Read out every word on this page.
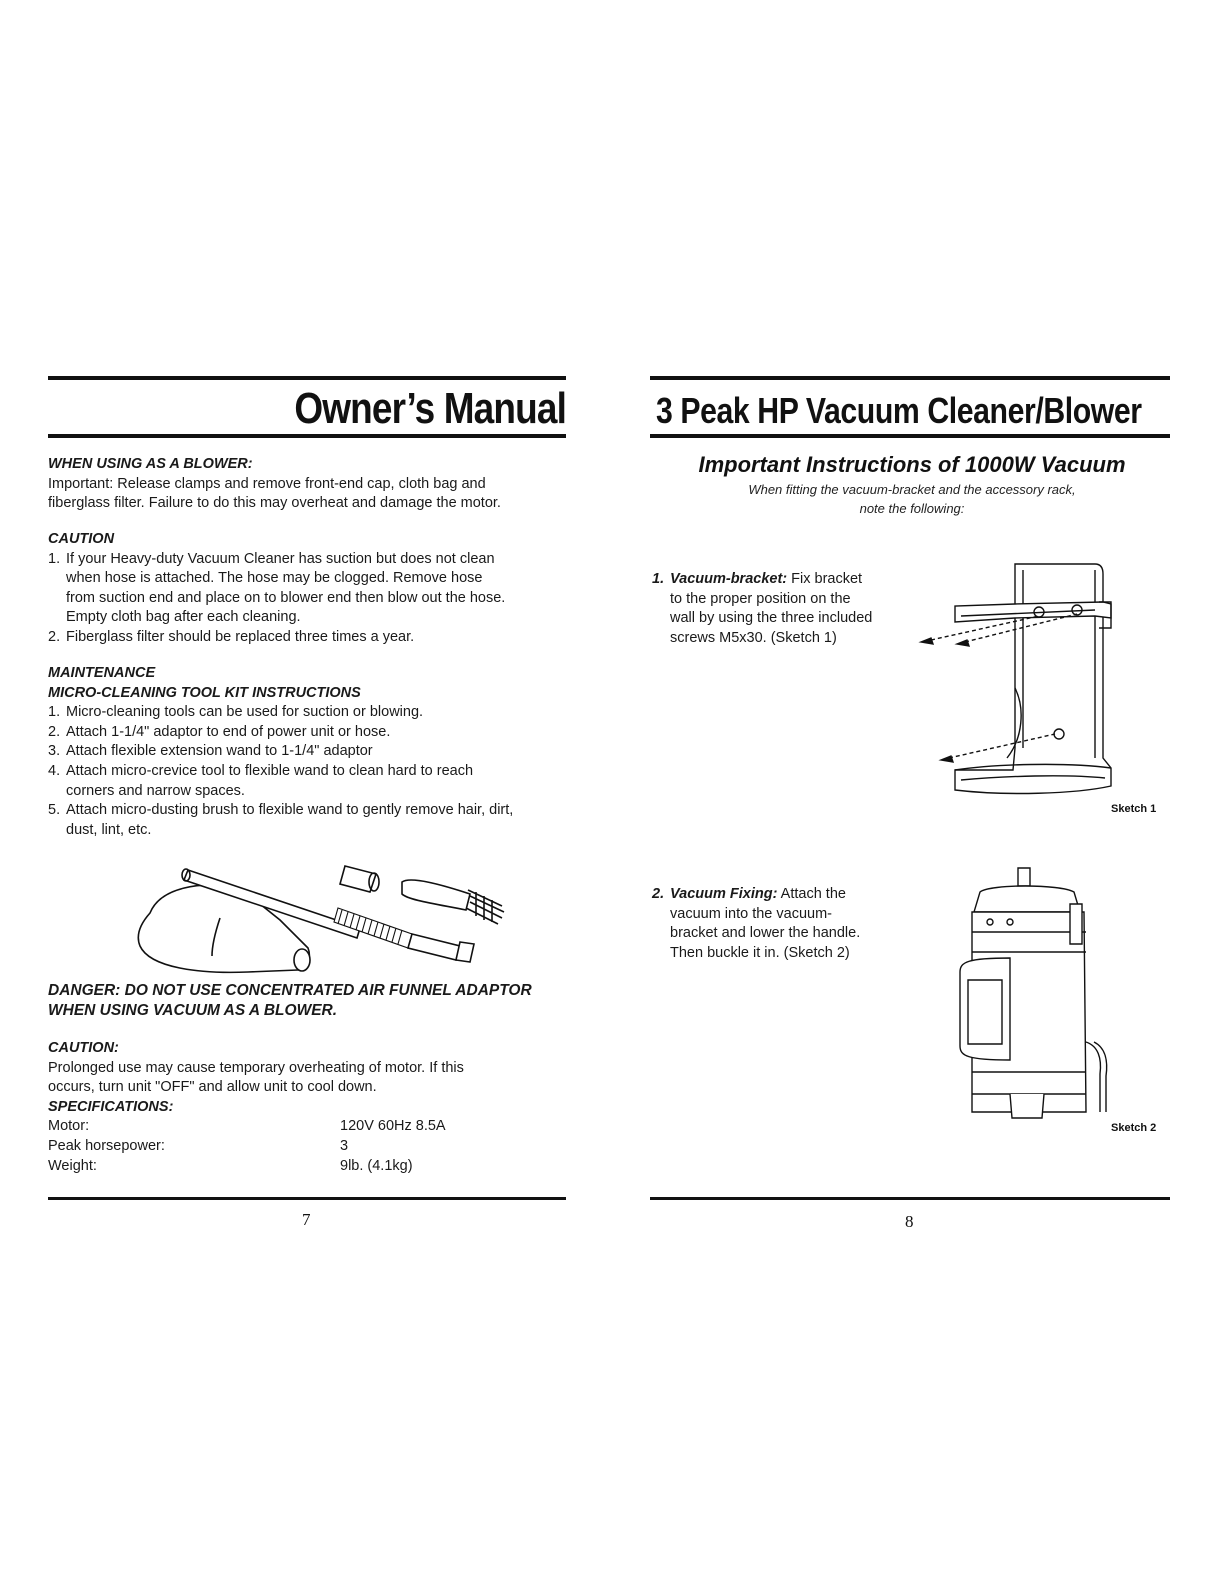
Owner’s Manual
WHEN USING AS A BLOWER:
Important: Release clamps and remove front-end cap, cloth bag and
fiberglass filter. Failure to do this may overheat and damage the motor.
CAUTION
1. If your Heavy-duty Vacuum Cleaner has suction but does not clean
when hose is attached. The hose may be clogged. Remove hose
from suction end and place on to blower end then blow out the hose.
Empty cloth bag after each cleaning.
2. Fiberglass filter should be replaced three times a year.
MAINTENANCE
MICRO-CLEANING TOOL KIT INSTRUCTIONS
1. Micro-cleaning tools can be used for suction or blowing.
2. Attach 1-1/4" adaptor to end of power unit or hose.
3. Attach flexible extension wand to 1-1/4" adaptor
4. Attach micro-crevice tool to flexible wand to clean hard to reach
corners and narrow spaces.
5. Attach micro-dusting brush to flexible wand to gently remove hair, dirt,
dust, lint, etc.
DANGER: DO NOT USE CONCENTRATED AIR FUNNEL ADAPTOR
WHEN USING VACUUM AS A BLOWER.
CAUTION:
Prolonged use may cause temporary overheating of motor. If this
occurs, turn unit "OFF" and allow unit to cool down.
SPECIFICATIONS:
Motor:	120V 60Hz 8.5A
Peak horsepower:	3
Weight:	9lb. (4.1kg)
7
3 Peak HP Vacuum Cleaner/Blower
Important Instructions of 1000W Vacuum
When fitting the vacuum-bracket and the accessory rack,
note the following:
1. Vacuum-bracket: Fix bracket
to the proper position on the
wall by using the three included
screws M5x30. (Sketch 1)
Sketch 1
2. Vacuum Fixing: Attach the
vacuum into the vacuum-
bracket and lower the handle.
Then buckle it in. (Sketch 2)
Sketch 2
8
